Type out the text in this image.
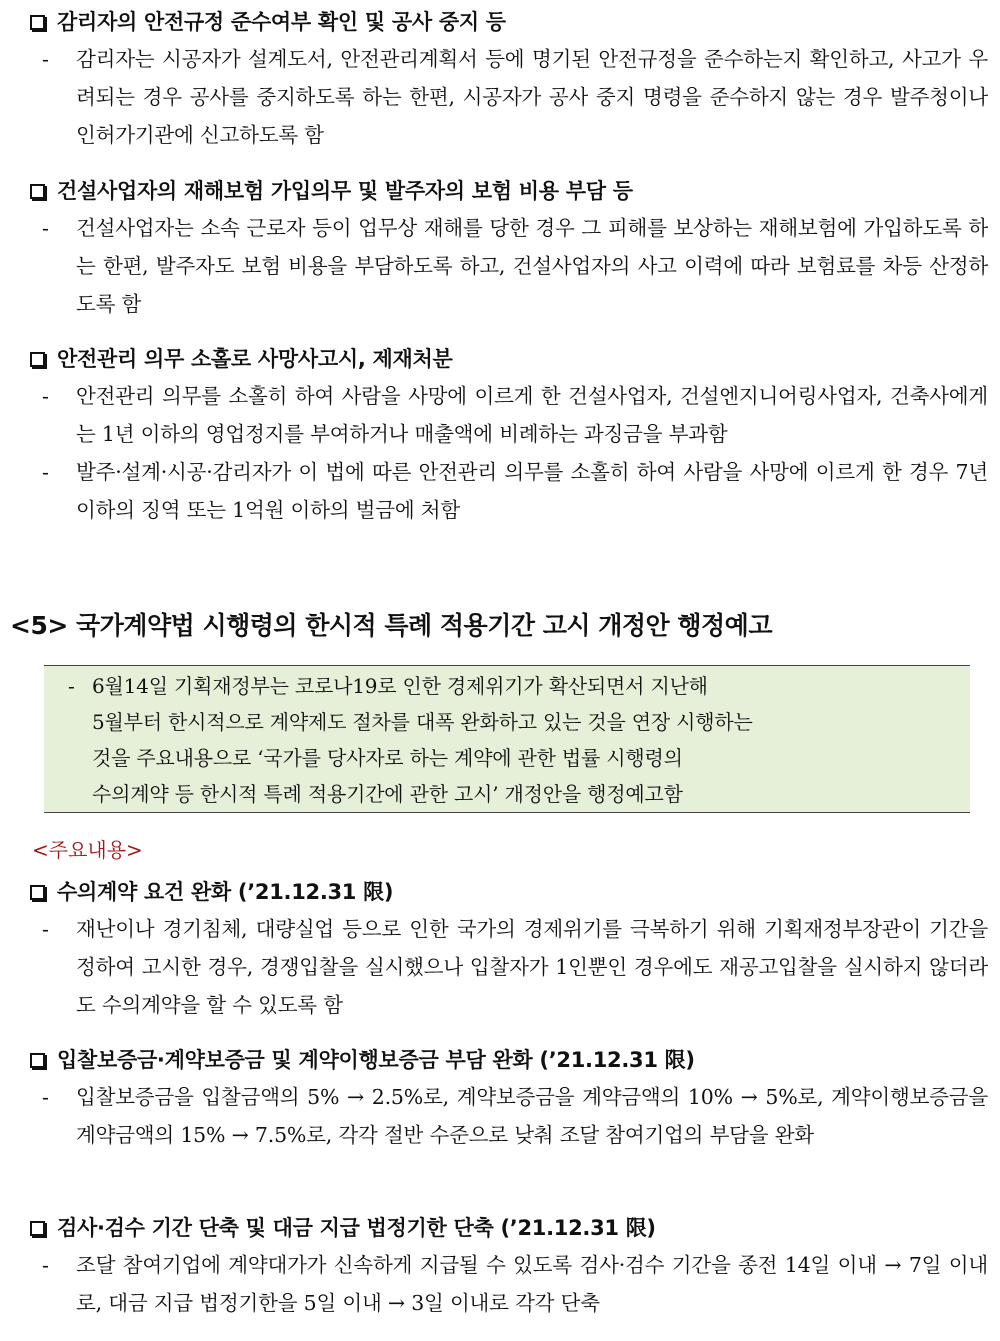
감리자의 안전규정 준수여부 확인 및 공사 중지 등
- 감리자는 시공자가 설계도서, 안전관리계획서 등에 명기된 안전규정을 준수하는지 확인하고, 사고가 우려되는 경우 공사를 중지하도록 하는 한편, 시공자가 공사 중지 명령을 준수하지 않는 경우 발주청이나 인허가기관에 신고하도록 함
건설사업자의 재해보험 가입의무 및 발주자의 보험 비용 부담 등
- 건설사업자는 소속 근로자 등이 업무상 재해를 당한 경우 그 피해를 보상하는 재해보험에 가입하도록 하는 한편, 발주자도 보험 비용을 부담하도록 하고, 건설사업자의 사고 이력에 따라 보험료를 차등 산정하도록 함
안전관리 의무 소홀로 사망사고시, 제재처분
- 안전관리 의무를 소홀히 하여 사람을 사망에 이르게 한 건설사업자, 건설엔지니어링사업자, 건축사에게는 1년 이하의 영업정지를 부여하거나 매출액에 비례하는 과징금을 부과함
- 발주·설계·시공·감리자가 이 법에 따른 안전관리 의무를 소홀히 하여 사람을 사망에 이르게 한 경우 7년 이하의 징역 또는 1억원 이하의 벌금에 처함
<5> 국가계약법 시행령의 한시적 특례 적용기간 고시 개정안 행정예고
- 6월14일 기획재정부는 코로나19로 인한 경제위기가 확산되면서 지난해
5월부터 한시적으로 계약제도 절차를 대폭 완화하고 있는 것을 연장 시행하는
것을 주요내용으로 ‘국가를 당사자로 하는 계약에 관한 법률 시행령의
수의계약 등 한시적 특례 적용기간에 관한 고시’ 개정안을 행정예고함
<주요내용>
수의계약 요건 완화 (’21.12.31 限)
- 재난이나 경기침체, 대량실업 등으로 인한 국가의 경제위기를 극복하기 위해 기획재정부장관이 기간을 정하여 고시한 경우, 경쟁입찰을 실시했으나 입찰자가 1인뿐인 경우에도 재공고입찰을 실시하지 않더라도 수의계약을 할 수 있도록 함
입찰보증금·계약보증금 및 계약이행보증금 부담 완화 (’21.12.31 限)
- 입찰보증금을 입찰금액의 5% → 2.5%로, 계약보증금을 계약금액의 10% → 5%로, 계약이행보증금을 계약금액의 15% → 7.5%로, 각각 절반 수준으로 낮춰 조달 참여기업의 부담을 완화
검사·검수 기간 단축 및 대금 지급 법정기한 단축 (’21.12.31 限)
- 조달 참여기업에 계약대가가 신속하게 지급될 수 있도록 검사·검수 기간을 종전 14일 이내 → 7일 이내로, 대금 지급 법정기한을 5일 이내 → 3일 이내로 각각 단축
